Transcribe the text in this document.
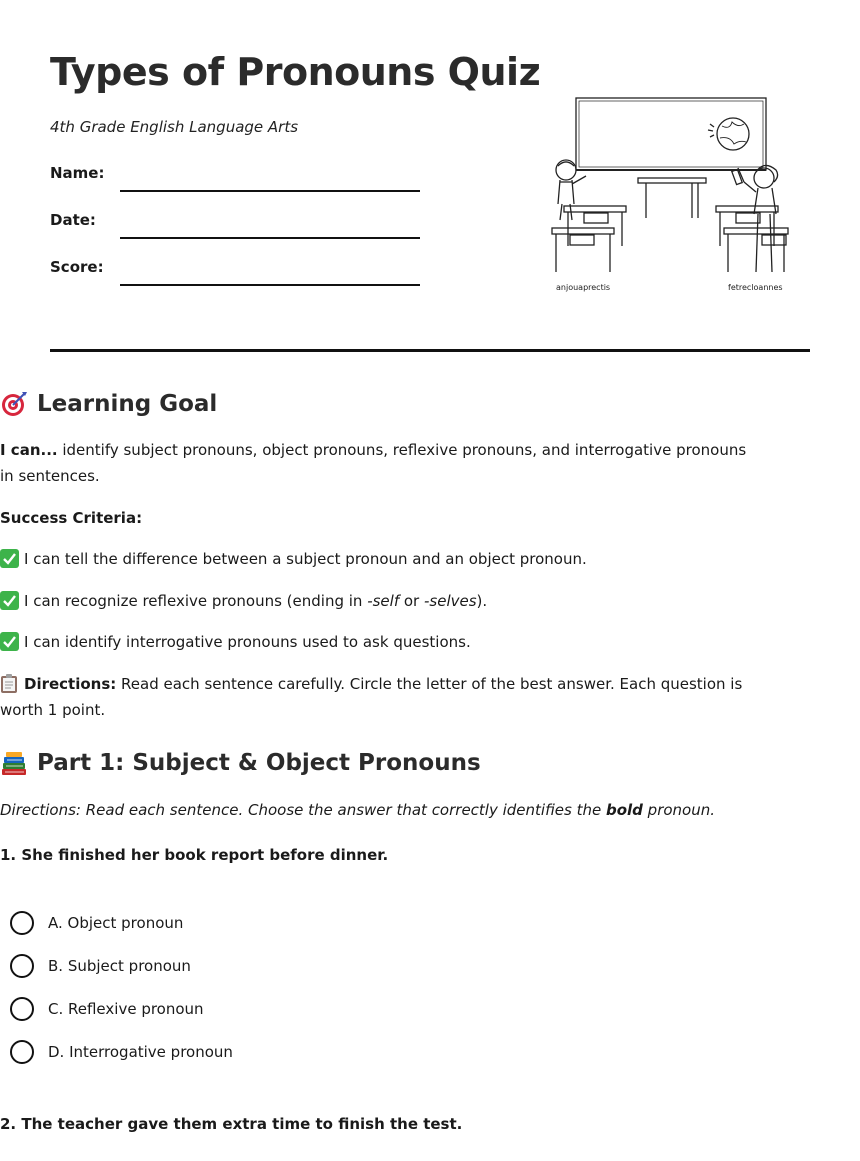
Types of Pronouns Quiz
4th Grade English Language Arts
Name:
Date:
Score:
anjouaprectis	fetrecloannes
Learning Goal
I can... identify subject pronouns, object pronouns, reflexive pronouns, and interrogative pronouns in sentences.
Success Criteria:
I can tell the difference between a subject pronoun and an object pronoun.
I can recognize reflexive pronouns (ending in -self or -selves).
I can identify interrogative pronouns used to ask questions.
Directions: Read each sentence carefully. Circle the letter of the best answer. Each question is worth 1 point.
Part 1: Subject & Object Pronouns
Directions: Read each sentence. Choose the answer that correctly identifies the bold pronoun.
1. She finished her book report before dinner.
A. Object pronoun
B. Subject pronoun
C. Reflexive pronoun
D. Interrogative pronoun
2. The teacher gave them extra time to finish the test.
